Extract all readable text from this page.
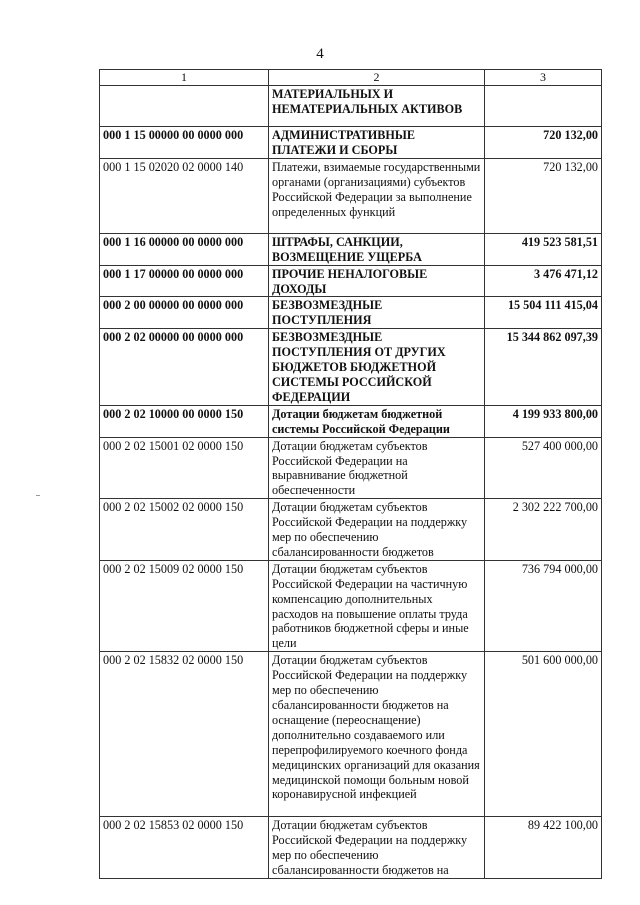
4
1	2	3
	МАТЕРИАЛЬНЫХ И НЕМАТЕРИАЛЬНЫХ АКТИВОВ	
000 1 15 00000 00 0000 000	АДМИНИСТРАТИВНЫЕ ПЛАТЕЖИ И СБОРЫ	720 132,00
000 1 15 02020 02 0000 140	Платежи, взимаемые государственными органами (организациями) субъектов Российской Федерации за выполнение определенных функций	720 132,00
000 1 16 00000 00 0000 000	ШТРАФЫ, САНКЦИИ, ВОЗМЕЩЕНИЕ УЩЕРБА	419 523 581,51
000 1 17 00000 00 0000 000	ПРОЧИЕ НЕНАЛОГОВЫЕ ДОХОДЫ	3 476 471,12
000 2 00 00000 00 0000 000	БЕЗВОЗМЕЗДНЫЕ ПОСТУПЛЕНИЯ	15 504 111 415,04
000 2 02 00000 00 0000 000	БЕЗВОЗМЕЗДНЫЕ ПОСТУПЛЕНИЯ ОТ ДРУГИХ БЮДЖЕТОВ БЮДЖЕТНОЙ СИСТЕМЫ РОССИЙСКОЙ ФЕДЕРАЦИИ	15 344 862 097,39
000 2 02 10000 00 0000 150	Дотации бюджетам бюджетной системы Российской Федерации	4 199 933 800,00
000 2 02 15001 02 0000 150	Дотации бюджетам субъектов Российской Федерации на выравнивание бюджетной обеспеченности	527 400 000,00
000 2 02 15002 02 0000 150	Дотации бюджетам субъектов Российской Федерации на поддержку мер по обеспечению сбалансированности бюджетов	2 302 222 700,00
000 2 02 15009 02 0000 150	Дотации бюджетам субъектов Российской Федерации на частичную компенсацию дополнительных расходов на повышение оплаты труда работников бюджетной сферы и иные цели	736 794 000,00
000 2 02 15832 02 0000 150	Дотации бюджетам субъектов Российской Федерации на поддержку мер по обеспечению сбалансированности бюджетов на оснащение (переоснащение) дополнительно создаваемого или перепрофилируемого коечного фонда медицинских организаций для оказания медицинской помощи больным новой коронавирусной инфекцией	501 600 000,00
000 2 02 15853 02 0000 150	Дотации бюджетам субъектов Российской Федерации на поддержку мер по обеспечению сбалансированности бюджетов на	89 422 100,00
